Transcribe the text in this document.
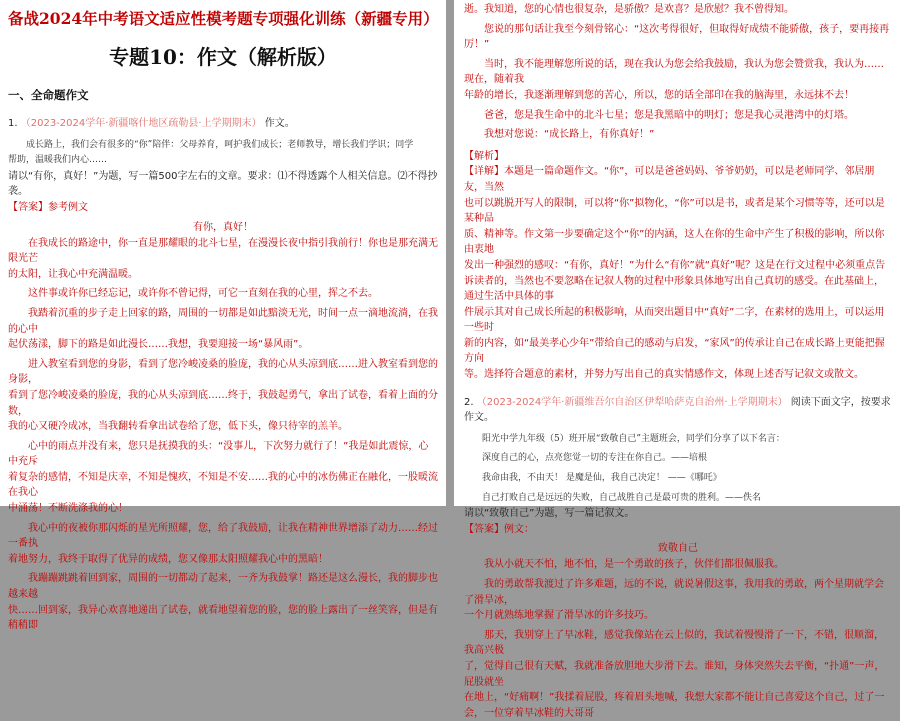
备战2024年中考语文适应性模考题专项强化训练（新疆专用）
专题10：作文（解析版）
一、全命题作文
1. （2023-2024学年·新疆喀什地区疏勒县·上学期期末） 作文。
成长路上，我们会有很多的“你”陪伴：父母养育，呵护我们成长；老师教导，增长我们学识；同学
帮助，温暖我们内心……
请以“有你，真好！”为题，写一篇500字左右的文章。要求：⑴不得透露个人相关信息。⑵不得抄
袭。
【答案】参考例文
有你，真好！
在我成长的路途中，你一直是那耀眼的北斗七星，在漫漫长夜中指引我前行！你也是那充满无限光芒
的太阳，让我心中充满温暖。
这件事或许你已经忘记，或许你不曾记得，可它一直刻在我的心里，挥之不去。
我踏着沉重的步子走上回家的路，周围的一切都是如此黯淡无光，时间一点一滴地流淌，在我的心中
起伏荡漾，脚下的路是如此漫长……我想，我要迎接一场“暴风雨”。
进入教室看到您的身影，看到了您冷峻凌桑的脸庞，我的心从头凉到底……进入教室看到您的身影，
看到了您冷峻凌桑的脸庞，我的心从头凉到底……终于，我鼓起勇气，拿出了试卷，看着上面的分数，
我的心又硬冷成冰，当我翻转看拿出试卷给了您，低下头，像只待宰的羔羊。
心中的雨点并没有来，您只是抚摸我的头：“没事儿，下次努力就行了！”我是如此震惊，心中充斥
着复杂的感情，不知是庆幸，不知是愧疚，不知是不安……我的心中的冰伤佛正在融化，一股暖流在我心
中涌荡！不断洗涤我的心！
我心中的夜被你那闪烁的星光所照耀，您，给了我鼓励，让我在精神世界增添了动力……经过一番执
着地努力，我终于取得了优异的成绩，您又像那太阳照耀我心中的黑暗！
我蹦蹦跳跳着回到家，周围的一切都动了起来，一齐为我鼓掌！路还是这么漫长，我的脚步也越来越
快……回到家，我异心欢喜地递出了试卷，就看地望着您的脸，您的脸上露出了一丝笑容，但是有稍稍即
逝。我知道，您的心情也很复杂，是骄傲？是欢喜？是欣慰？我不曾得知。
您说的那句话让我至今刻骨铭心：“这次考得很好，但取得好成绩不能骄傲，孩子，要再接再厉！”
当时，我不能理解您所说的话，现在我认为您会给我鼓励，我认为您会赞赏我，我认为……现在，随着我
年龄的增长，我逐渐理解到您的苦心，所以，您的话全部印在我的脑海里，永远抹不去！
爸爸，您是我生命中的北斗七星；您是我黑暗中的明灯；您是我心灵港湾中的灯塔。
我想对您说：“成长路上，有你真好！”
【解析】
【详解】本题是一篇命题作文。“你”，可以是爸爸妈妈、爷爷奶奶，可以是老师同学、邻居朋友，当然
也可以跳脱开写人的限制，可以将“你”拟物化，“你”可以是书，或者是某个习惯等等，还可以是某种品
质、精神等。作文第一步要确定这个“你”的内涵，这人在你的生命中产生了积极的影响，所以你由衷地
发出一种强烈的感叹：“有你，真好！”为什么“有你”就“真好”呢？这是在行文过程中必须重点告
诉读者的，当然也不要忽略在记叙人物的过程中形象具体地写出自己真切的感受。在此基础上，通过生活中具体的事
件展示其对自己成长所起的积极影响，从而突出题目中“真好”二字，在素材的选用上，可以运用一些时
新的内容，如“最美孝心少年”带给自己的感动与启发，“家风”的传承让自己在成长路上更能把握方向
等。选择符合题意的素材，并努力写出自己的真实情感作文，体现上述否写记叙文或散文。
2. （2023-2024学年·新疆维吾尔自治区伊犁哈萨克自治州·上学期期末） 阅读下面文字，按要求作文。
阳光中学九年级（5）班开展“致敬自己”主题班会，同学们分享了以下名言：
深度自己的心，点亮您觉一切的专注在你自己。——培根
我命由我，不由天！ 是魔是仙，我自己决定！ ——《哪吒》
自己打败自己是远远的失败，自己战胜自己是最可贵的胜利。——佚名
请以“致敬自己”为题，写一篇记叙文。
【答案】例文：
致敬自己
我从小就天不怕，地不怕，是一个勇敢的孩子，伙伴们都很佩服我。
我的勇敢帮我渡过了许多难题，远的不说，就说暑假这事，我用我的勇敢，两个星期就学会了滑旱冰，
一个月就熟练地掌握了滑旱冰的许多技巧。
那天，我别穿上了早冰鞋，感觉我像站在云上似的，我试着慢慢滑了一下，不错，很顺溜，我高兴极
了，觉得自己很有天赋，我就准备放胆地大步滑下去。谁知，身体突然失去平衡，“扑通”一声，屁股就坐
在地上，“好痛啊！”我揉着屁股，疼着眉头地喊，我想大家都不能让自己喜爱这个自己，过了一会，一位穿着早冰鞋的大哥哥
